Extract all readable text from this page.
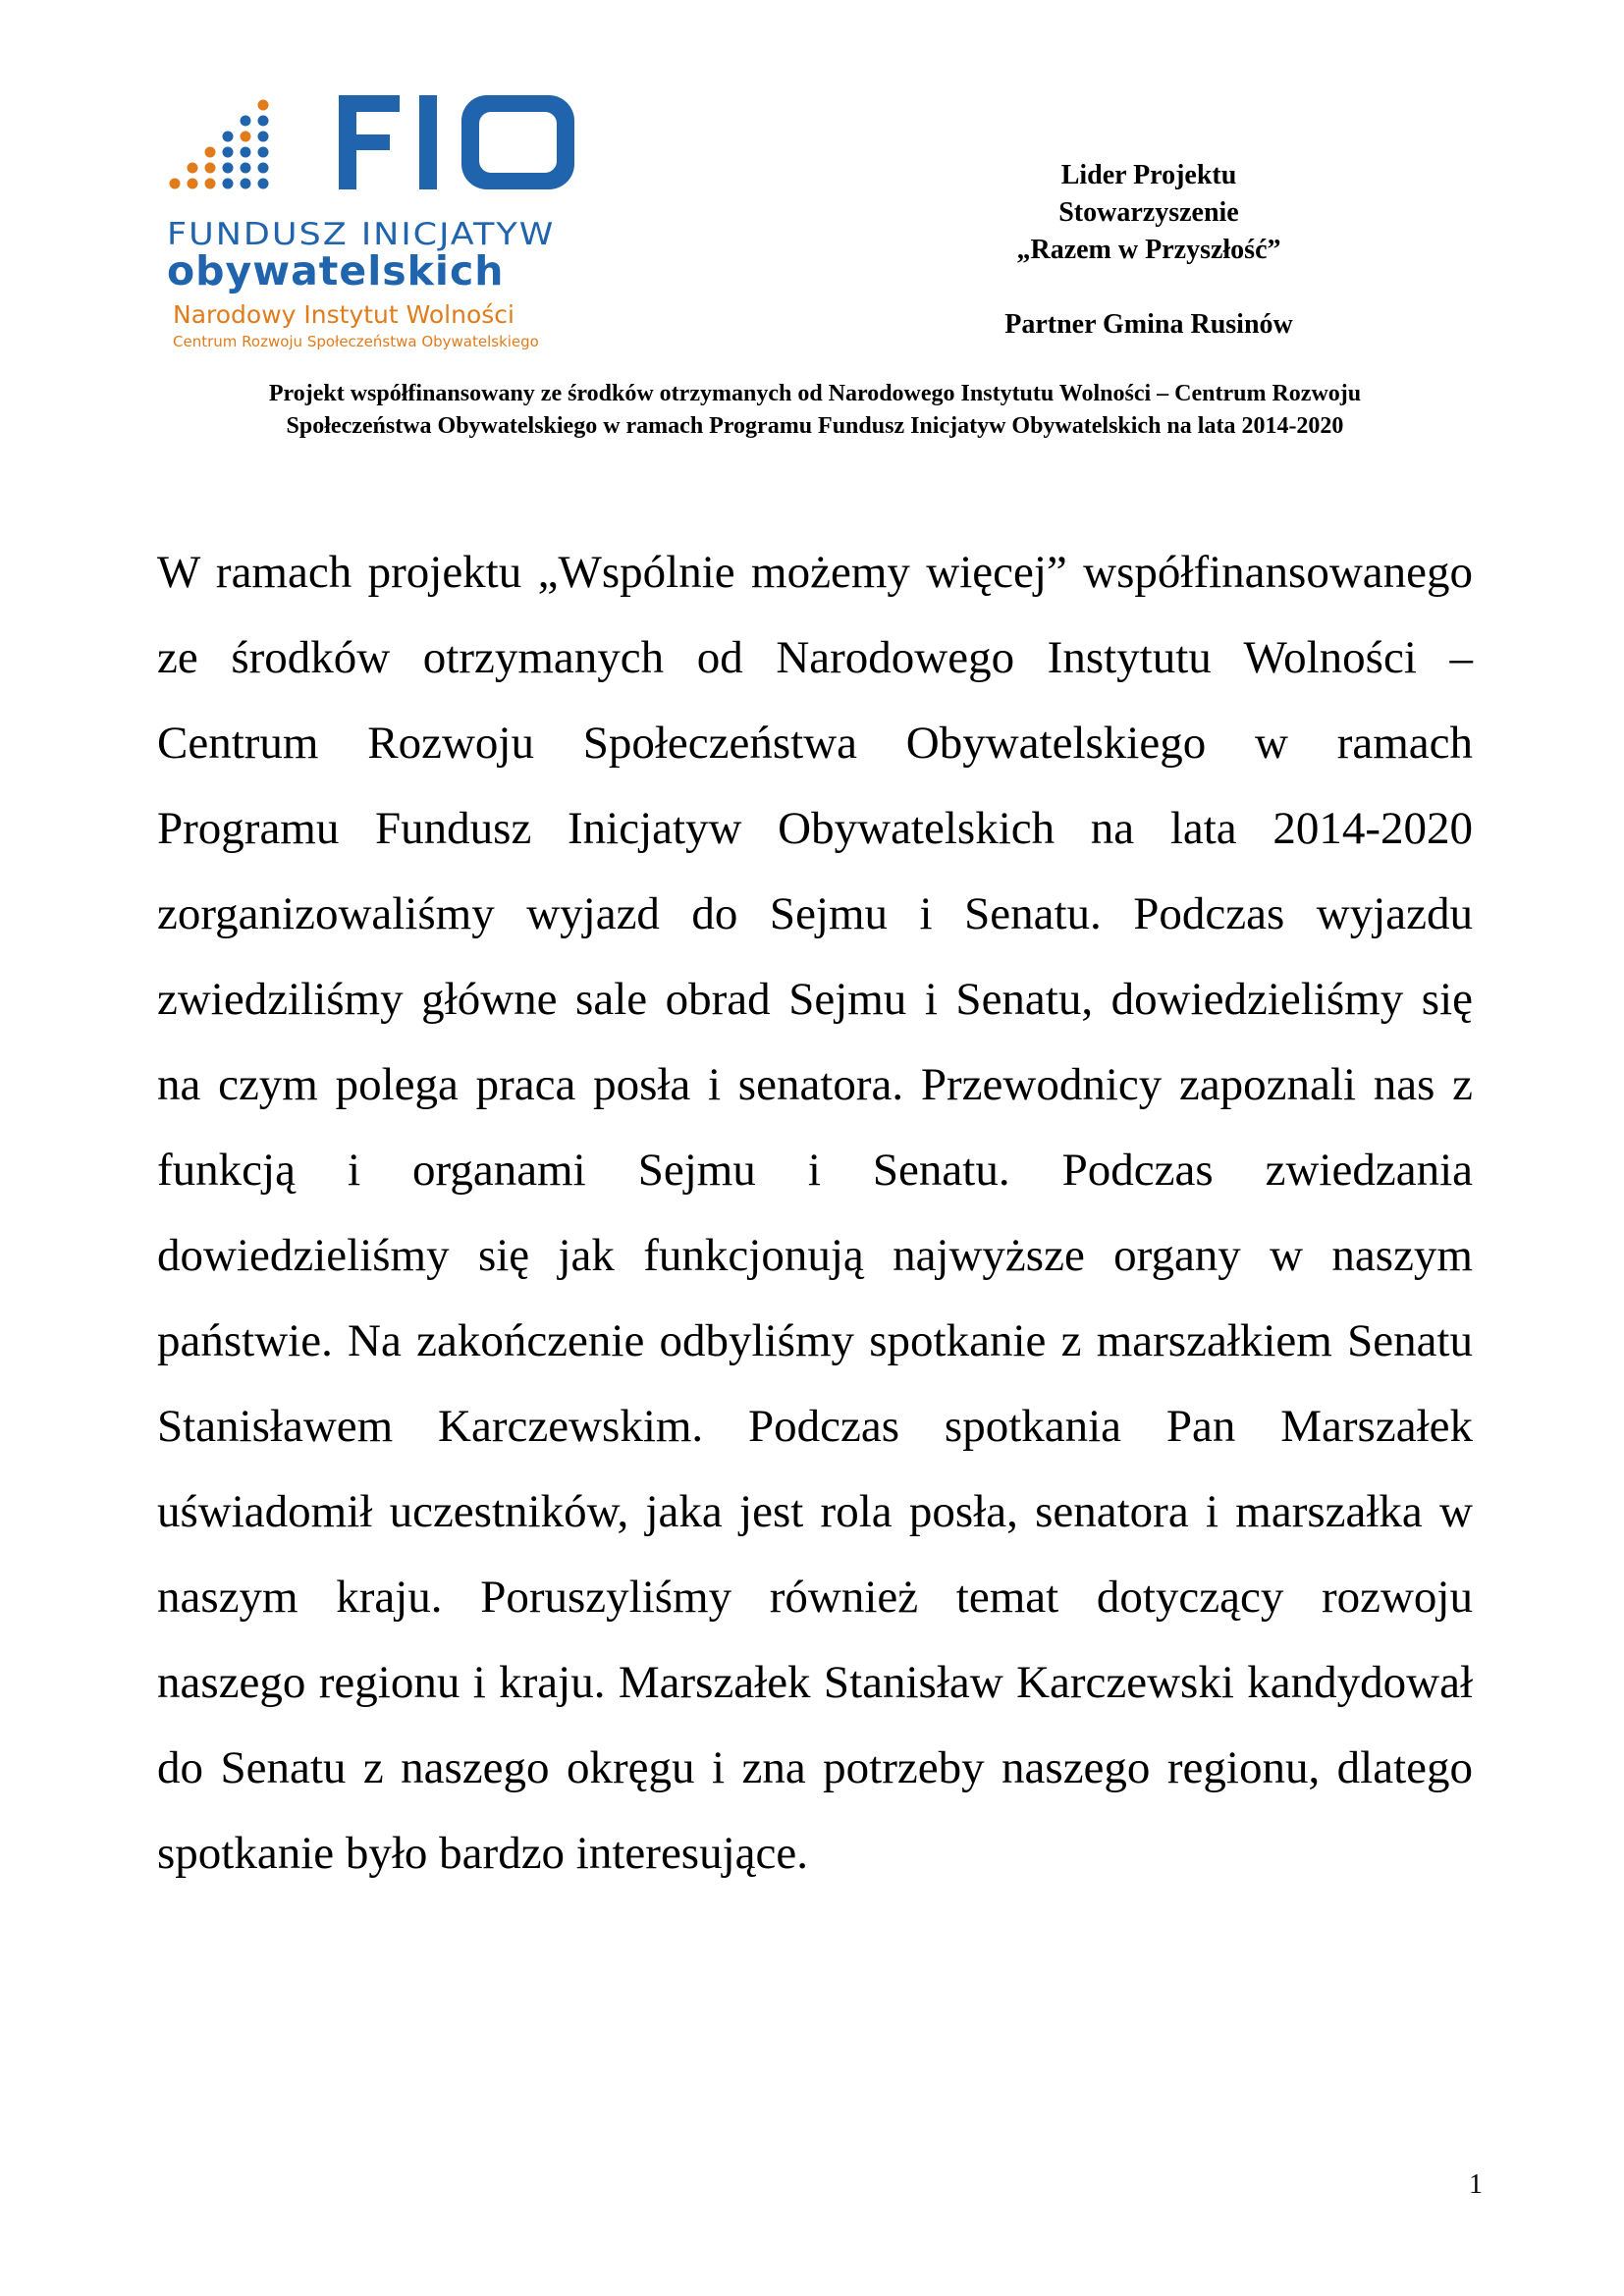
FUNDUSZ INICJATYW
obywatelskich
Narodowy Instytut Wolności
Centrum Rozwoju Społeczeństwa Obywatelskiego
Lider Projektu
Stowarzyszenie
„Razem w Przyszłość”
Partner Gmina Rusinów
Projekt współfinansowany ze środków otrzymanych od Narodowego Instytutu Wolności – Centrum Rozwoju
Społeczeństwa Obywatelskiego w ramach Programu Fundusz Inicjatyw Obywatelskich na lata 2014-2020

W ramach projektu „Wspólnie możemy więcej” współfinansowanego ze środków otrzymanych od Narodowego Instytutu Wolności – Centrum Rozwoju Społeczeństwa Obywatelskiego w ramach Programu Fundusz Inicjatyw Obywatelskich na lata 2014-2020 zorganizowaliśmy wyjazd do Sejmu i Senatu. Podczas wyjazdu zwiedziliśmy główne sale obrad Sejmu i Senatu, dowiedzieliśmy się na czym polega praca posła i senatora. Przewodnicy zapoznali nas z funkcją i organami Sejmu i Senatu. Podczas zwiedzania dowiedzieliśmy się jak funkcjonują najwyższe organy w naszym państwie. Na zakończenie odbyliśmy spotkanie z marszałkiem Senatu Stanisławem Karczewskim. Podczas spotkania Pan Marszałek uświadomił uczestników, jaka jest rola posła, senatora i marszałka w naszym kraju. Poruszyliśmy również temat dotyczący rozwoju naszego regionu i kraju. Marszałek Stanisław Karczewski kandydował do Senatu z naszego okręgu i zna potrzeby naszego regionu, dlatego spotkanie było bardzo interesujące.

1
